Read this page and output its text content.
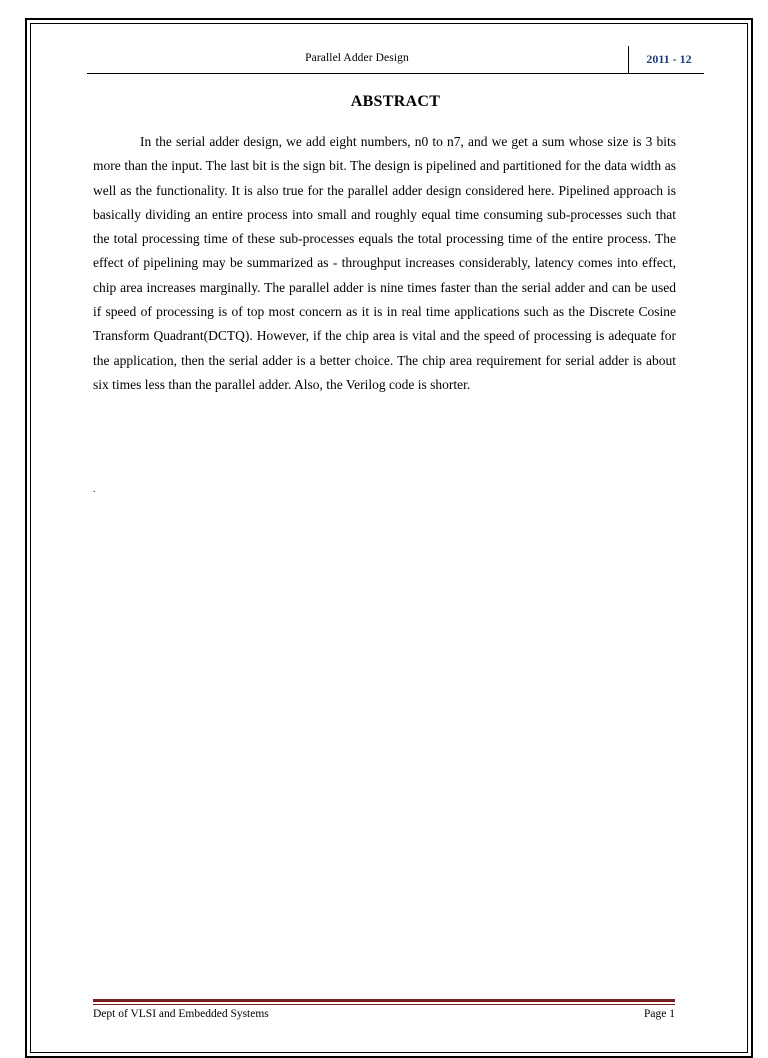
Parallel Adder Design	2011 - 12
ABSTRACT

In the serial adder design, we add eight numbers, n0 to n7, and we get a sum whose size is 3 bits more than the input. The last bit is the sign bit. The design is pipelined and partitioned for the data width as well as the functionality. It is also true for the parallel adder design considered here. Pipelined approach is basically dividing an entire process into small and roughly equal time consuming sub-processes such that the total processing time of these sub-processes equals the total processing time of the entire process. The effect of pipelining may be summarized as - throughput increases considerably, latency comes into effect, chip area increases marginally. The parallel adder is nine times faster than the serial adder and can be used if speed of processing is of top most concern as it is in real time applications such as the Discrete Cosine Transform Quadrant(DCTQ). However, if the chip area is vital and the speed of processing is adequate for the application, then the serial adder is a better choice. The chip area requirement for serial adder is about six times less than the parallel adder. Also, the Verilog code is shorter.

.
Dept of VLSI and Embedded Systems	Page 1
